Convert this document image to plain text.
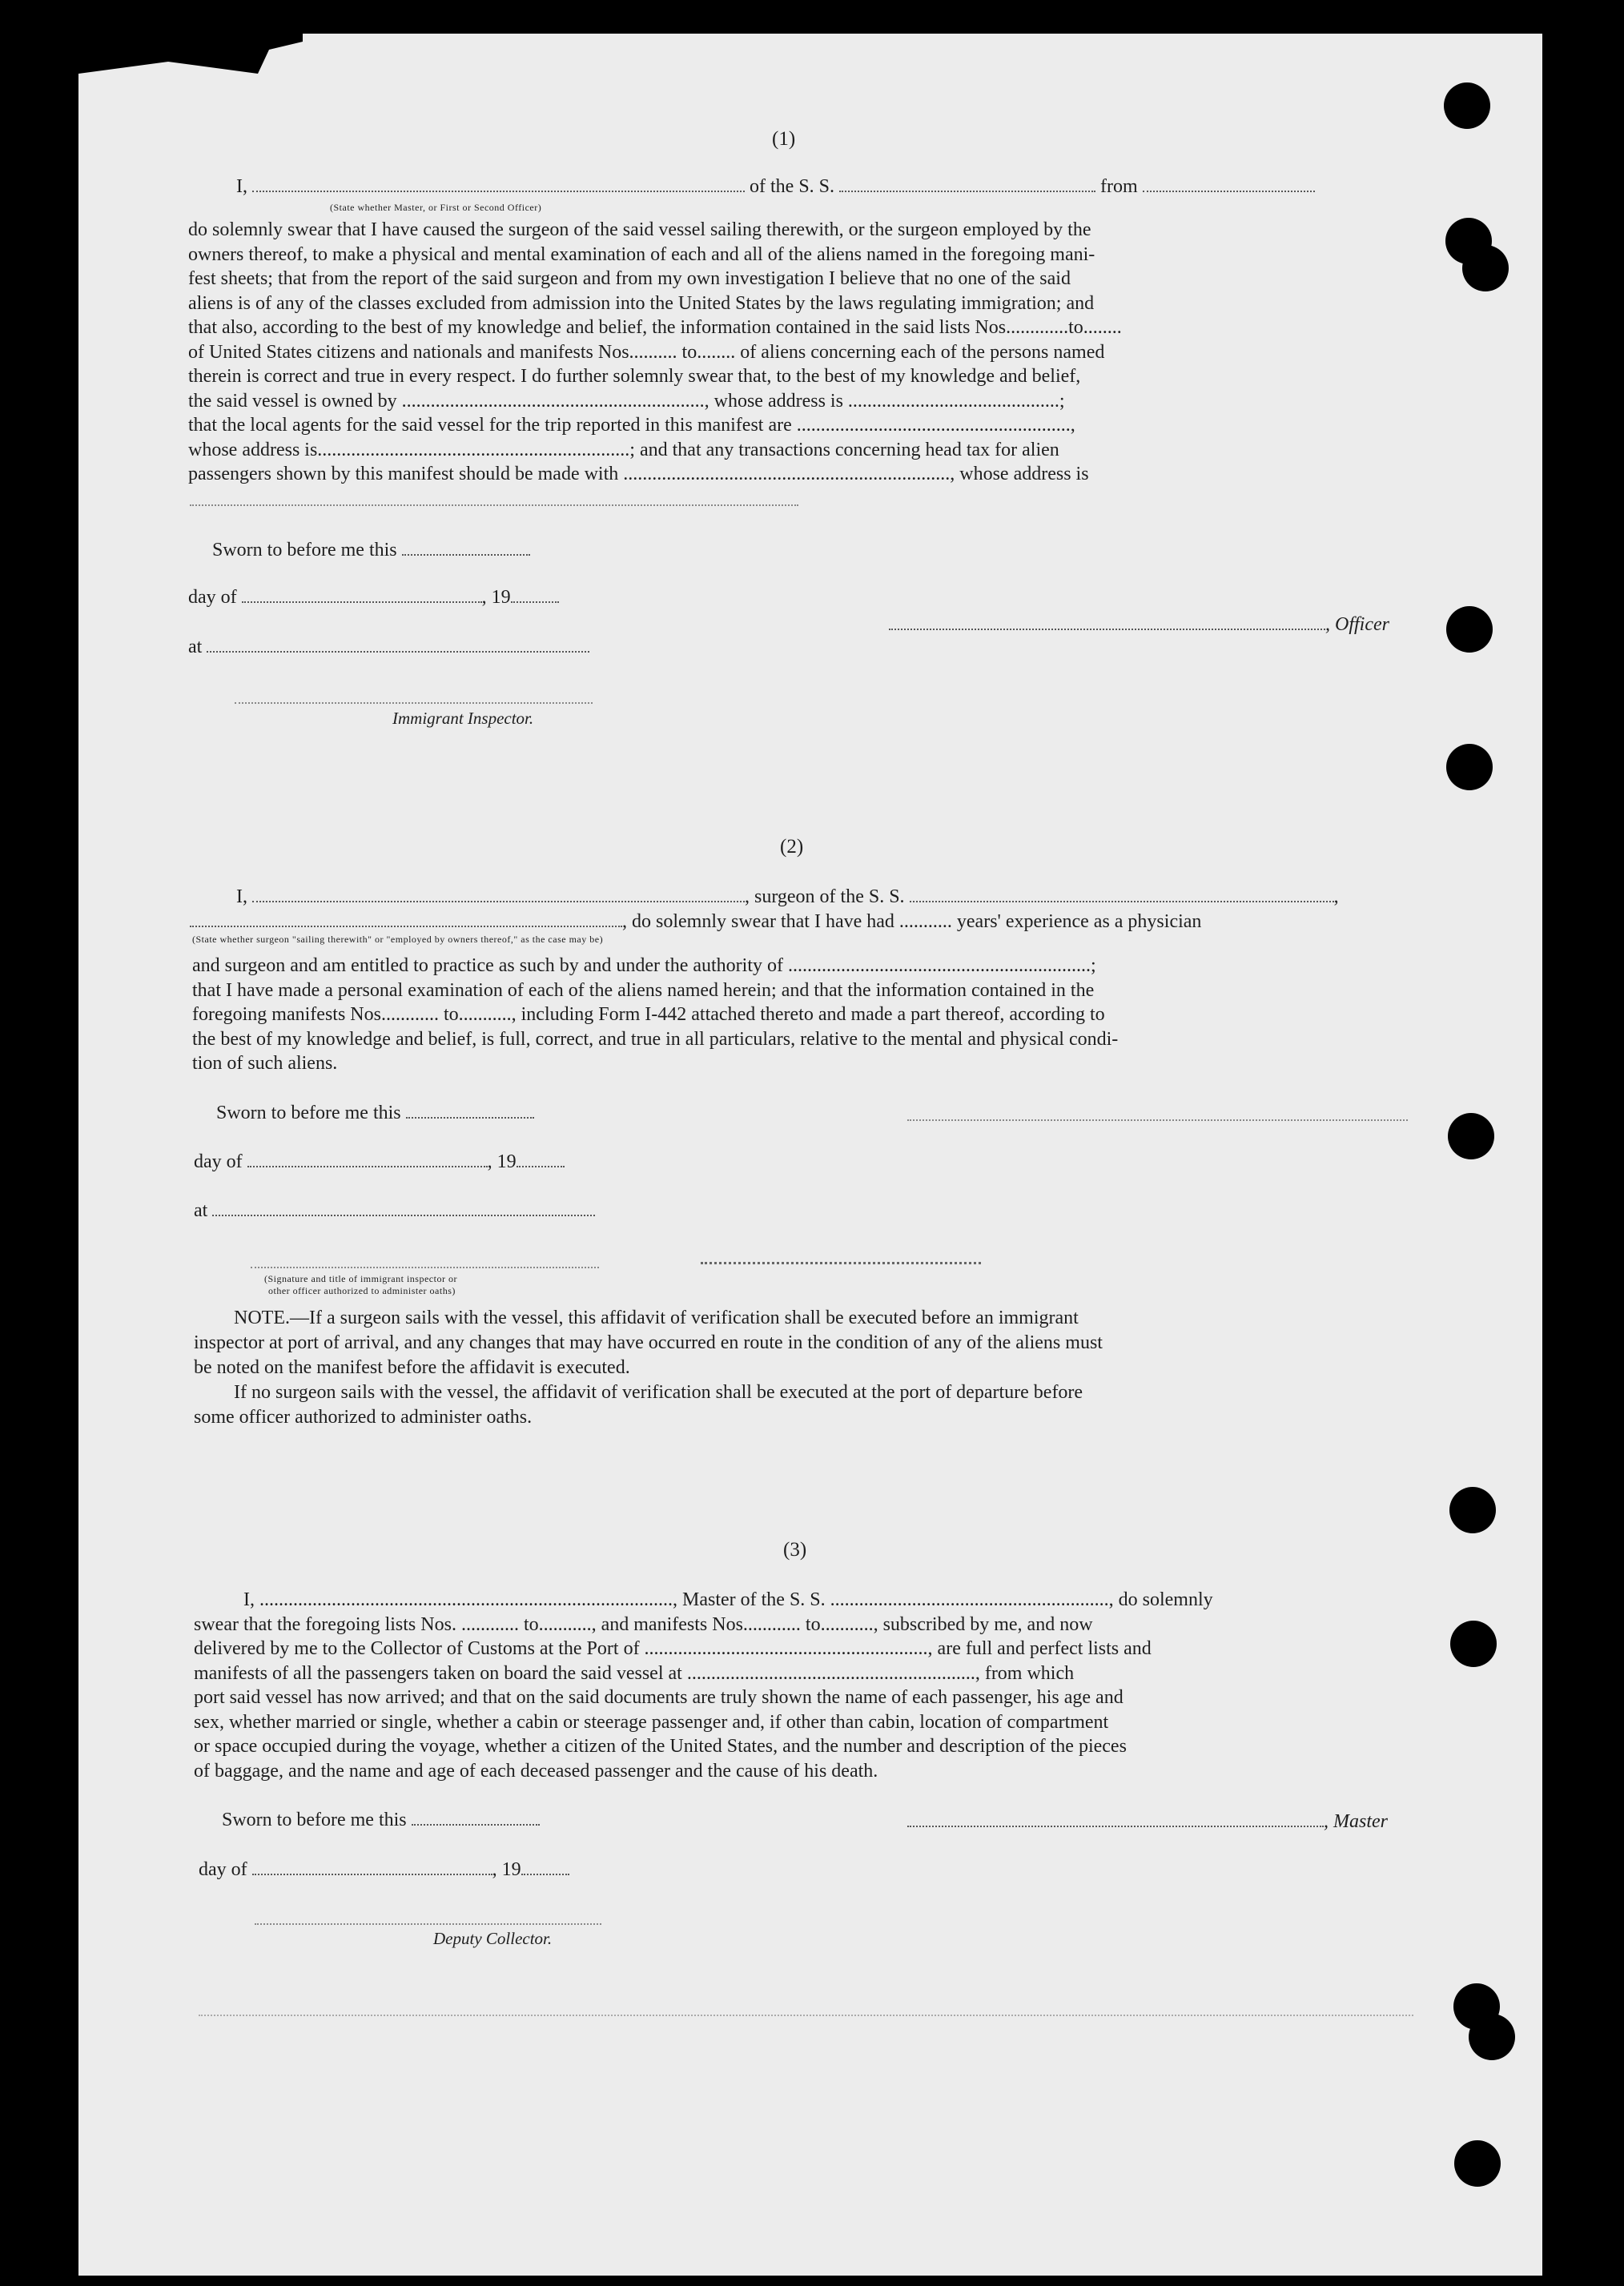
(1)
I,	of the S. S.	from
(State whether Master, or First or Second Officer)
do solemnly swear that I have caused the surgeon of the said vessel sailing therewith, or the surgeon employed by the
owners thereof, to make a physical and mental examination of each and all of the aliens named in the foregoing mani-
fest sheets; that from the report of the said surgeon and from my own investigation I believe that no one of the said
aliens is of any of the classes excluded from admission into the United States by the laws regulating immigration; and
that also, according to the best of my knowledge and belief, the information contained in the said lists Nos.............to........
of United States citizens and nationals and manifests Nos.......... to........ of aliens concerning each of the persons named
therein is correct and true in every respect. I do further solemnly swear that, to the best of my knowledge and belief,
the said vessel is owned by ..............................................................., whose address is ............................................;
that the local agents for the said vessel for the trip reported in this manifest are .........................................................,
whose address is.................................................................; and that any transactions concerning head tax for alien
passengers shown by this manifest should be made with ...................................................................., whose address is
Sworn to before me this
day of	, 19
at
, Officer
Immigrant Inspector.
(2)
I,	, surgeon of the S. S.	,
, do solemnly swear that I have had ........... years' experience as a physician
(State whether surgeon "sailing therewith" or "employed by owners thereof," as the case may be)
and surgeon and am entitled to practice as such by and under the authority of ...............................................................;
that I have made a personal examination of each of the aliens named herein; and that the information contained in the
foregoing manifests Nos............ to..........., including Form I-442 attached thereto and made a part thereof, according to
the best of my knowledge and belief, is full, correct, and true in all particulars, relative to the mental and physical condi-
tion of such aliens.
Sworn to before me this
day of	, 19
at
(Signature and title of immigrant inspector or
other officer authorized to administer oaths)
NOTE.—If a surgeon sails with the vessel, this affidavit of verification shall be executed before an immigrant
inspector at port of arrival, and any changes that may have occurred en route in the condition of any of the aliens must
be noted on the manifest before the affidavit is executed.
If no surgeon sails with the vessel, the affidavit of verification shall be executed at the port of departure before
some officer authorized to administer oaths.
(3)
I, ......................................................................................, Master of the S. S. .........................................................., do solemnly
swear that the foregoing lists Nos. ............ to..........., and manifests Nos............ to..........., subscribed by me, and now
delivered by me to the Collector of Customs at the Port of ..........................................................., are full and perfect lists and
manifests of all the passengers taken on board the said vessel at ............................................................, from which
port said vessel has now arrived; and that on the said documents are truly shown the name of each passenger, his age and
sex, whether married or single, whether a cabin or steerage passenger and, if other than cabin, location of compartment
or space occupied during the voyage, whether a citizen of the United States, and the number and description of the pieces
of baggage, and the name and age of each deceased passenger and the cause of his death.
Sworn to before me this	, Master
day of	, 19
Deputy Collector.
